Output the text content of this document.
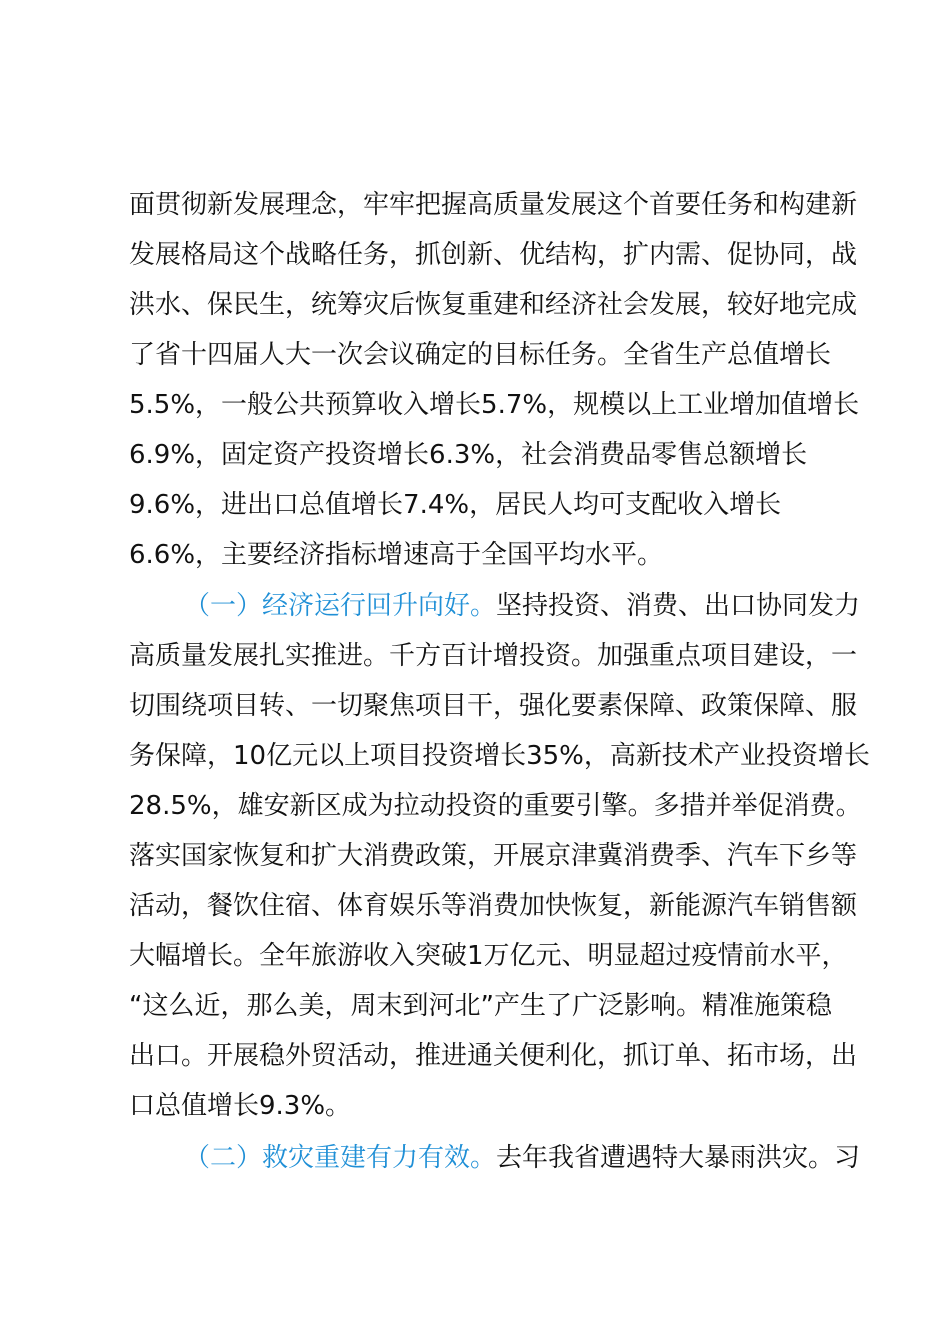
面贯彻新发展理念，牢牢把握高质量发展这个首要任务和构建新
发展格局这个战略任务，抓创新、优结构，扩内需、促协同，战
洪水、保民生，统筹灾后恢复重建和经济社会发展，较好地完成
了省十四届人大一次会议确定的目标任务。全省生产总值增长
5.5%，一般公共预算收入增长5.7%，规模以上工业增加值增长
6.9%，固定资产投资增长6.3%，社会消费品零售总额增长
9.6%，进出口总值增长7.4%，居民人均可支配收入增长
6.6%，主要经济指标增速高于全国平均水平。
（一）经济运行回升向好。坚持投资、消费、出口协同发力
高质量发展扎实推进。千方百计增投资。加强重点项目建设，一
切围绕项目转、一切聚焦项目干，强化要素保障、政策保障、服
务保障，10亿元以上项目投资增长35%，高新技术产业投资增长
28.5%，雄安新区成为拉动投资的重要引擎。多措并举促消费。
落实国家恢复和扩大消费政策，开展京津冀消费季、汽车下乡等
活动，餐饮住宿、体育娱乐等消费加快恢复，新能源汽车销售额
大幅增长。全年旅游收入突破1万亿元、明显超过疫情前水平，
“这么近，那么美，周末到河北”产生了广泛影响。精准施策稳
出口。开展稳外贸活动，推进通关便利化，抓订单、拓市场，出
口总值增长9.3%。
（二）救灾重建有力有效。去年我省遭遇特大暴雨洪灾。习
